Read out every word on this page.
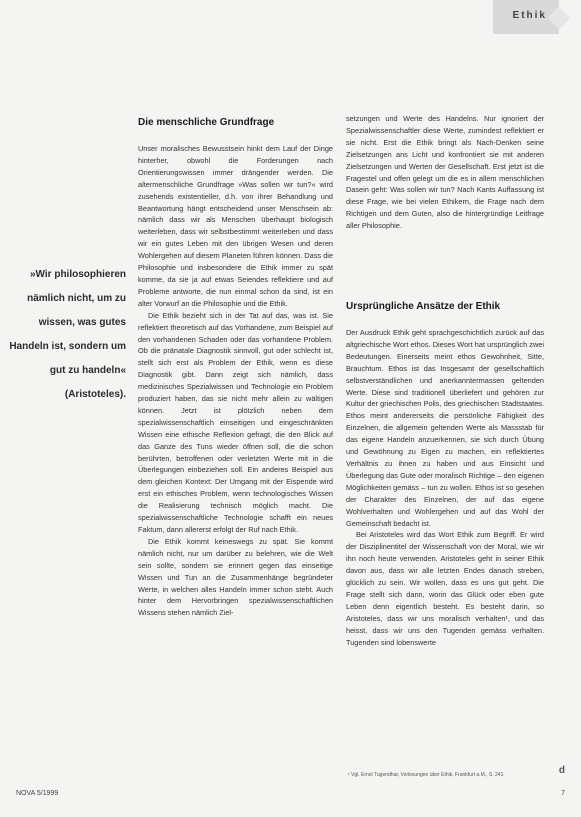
Ethik
Die menschliche Grundfrage
»Wir philosophieren nämlich nicht, um zu wissen, was gutes Handeln ist, sondern um gut zu handeln« (Aristoteles).

Unser moralisches Bewusstsein hinkt dem Lauf der Dinge hinterher, obwohl die Forderungen nach Orientierungswissen immer drängender werden. Die altermenschliche Grundfrage »Was sollen wir tun?« wird zusehends existentieller, d.h. von ihrer Behandlung und Beantwortung hängt entscheidend unser Menschsein ab: nämlich dass wir als Menschen überhaupt biologisch weiterleben, dass wir selbstbestimmt weiterleben und dass wir ein gutes Leben mit den übrigen Wesen und deren Wohlergehen auf diesem Planeten führen können. Dass die Philosophie und insbesondere die Ethik immer zu spät komme, da sie ja auf etwas Seiendes reflektiere und auf Probleme antworte, die nun einmal schon da sind, ist ein alter Vorwurf an die Philosophie und die Ethik.

Die Ethik bezieht sich in der Tat auf das, was ist. Sie reflektiert theoretisch auf das Vorhandene, zum Beispiel auf den vorhandenen Schaden oder das vorhandene Problem. Ob die pränatale Diagnostik sinnvoll, gut oder schlecht ist, stellt sich erst als Problem der Ethik, wenn es diese Diagnostik gibt. Dann zeigt sich nämlich, dass medizinisches Spezialwissen und Technologie ein Problem produziert haben, das sie nicht mehr allein zu wältigen können. Jetzt ist plötzlich neben dem spezialwissenschaftlich einseitigen und eingeschränkten Wissen eine ethische Reflexion gefragt, die den Blick auf das Ganze des Tuns wieder öffnen soll, die die schon berührten, betroffenen oder verletzten Werte mit in die Überlegungen einbeziehen soll. Ein anderes Beispiel aus dem gleichen Kontext: Der Umgang mit der Eispende wird erst ein ethisches Problem, wenn technologisches Wissen die Realisierung technisch möglich macht. Die spezialwissenschaftliche Technologie schafft ein neues Faktum, dann allererst erfolgt der Ruf nach Ethik.

Die Ethik kommt keineswegs zu spät. Sie kommt nämlich nicht, nur um darüber zu belehren, wie die Welt sein sollte, sondern sie erinnert gegen das einseitige Wissen und Tun an die Zusammenhänge begründeter Werte, in welchen alles Handeln immer schon steht. Auch hinter dem Hervorbringen spezialwissenschaftlichen Wissens stehen nämlich Ziel-

setzungen und Werte des Handelns. Nur ignoriert der Spezialwissenschaftler diese Werte, zumindest reflektiert er sie nicht. Erst die Ethik bringt als Nach-Denken seine Zielsetzungen ans Licht und konfrontiert sie mit anderen Zielsetzungen und Werten der Gesellschaft. Erst jetzt ist die Fragestel und offen gelegt um die es in allem menschlichen Dasein geht: Was sollen wir tun? Nach Kants Auffassung ist diese Frage, wie bei vielen Ethikern, die Frage nach dem Richtigen und dem Guten, also die hintergründige Leitfrage aller Philosophie.

Ursprüngliche Ansätze der Ethik

Der Ausdruck Ethik geht sprachgeschichtlich zurück auf das altgriechische Wort ethos. Dieses Wort hat ursprünglich zwei Bedeutungen. Einerseits meint ethos Gewohnheit, Sitte, Brauchtum. Ethos ist das Insgesamt der gesellschaftlich selbstverständlichen und anerkanntermassen geltenden Werte. Diese sind traditionell überliefert und gehören zur Kultur der griechischen Polis, des griechischen Stadtstaates. Ethos meint andererseits die persönliche Fähigkeit des Einzelnen, die allgemein geltenden Werte als Massstab für das eigene Handeln anzuerkennen, sie sich durch Übung und Gewöhnung zu Eigen zu machen, ein reflektiertes Verhältnis zu ihnen zu haben und aus Einsicht und Überlegung das Gute oder moralisch Richtige – den eigenen Möglichkeiten gemäss – tun zu wollen. Ethos ist so gesehen der Charakter des Einzelnen, der auf das eigene Wohlverhalten und Wohlergehen und auf das Wohl der Gemeinschaft bedacht ist.

Bei Aristoteles wird das Wort Ethik zum Begriff. Er wird der Disziplinentitel der Wissenschaft von der Moral, wie wir ihn noch heute verwenden. Aristoteles geht in seiner Ethik davon aus, dass wir alle letzten Endes danach streben, glücklich zu sein. Wir wollen, dass es uns gut geht. Die Frage stellt sich dann, worin das Glück oder eben gute Leben denn eigentlich besteht. Es besteht darin, so Aristoteles, dass wir uns moralisch verhalten¹, und das heisst, dass wir uns den Tugenden gemäss verhalten. Tugenden sind lobenswerte

¹ Vgl. Ernst Tugendhat, Vorlesungen über Ethik, Frankfurt a.M., S. 241	d
NOVA 5/1999	7
